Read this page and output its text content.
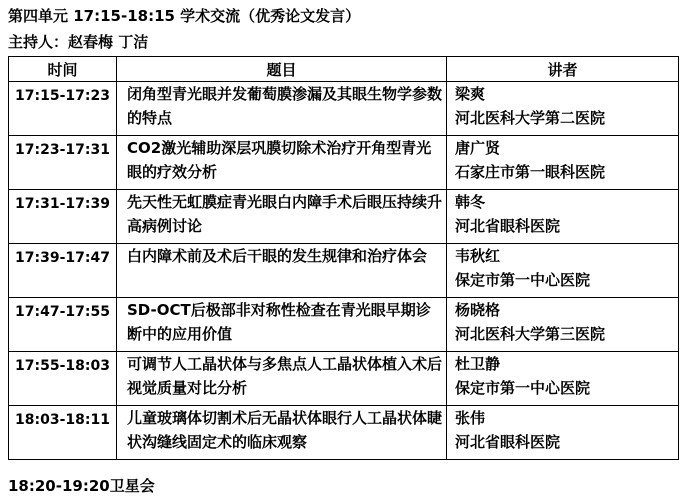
第四单元 17:15-18:15 学术交流（优秀论文发言）
主持人：赵春梅 丁洁
时间	题目	讲者
17:15-17:23	闭角型青光眼并发葡萄膜渗漏及其眼生物学参数的特点	梁爽
河北医科大学第二医院

17:23-17:31	CO2激光辅助深层巩膜切除术治疗开角型青光眼的疗效分析	唐广贤
石家庄市第一眼科医院

17:31-17:39	先天性无虹膜症青光眼白内障手术后眼压持续升高病例讨论	韩冬
河北省眼科医院

17:39-17:47	白内障术前及术后干眼的发生规律和治疗体会	韦秋红
保定市第一中心医院

17:47-17:55	SD-OCT后极部非对称性检查在青光眼早期诊断中的应用价值	杨晓格
河北医科大学第三医院

17:55-18:03	可调节人工晶状体与多焦点人工晶状体植入术后视觉质量对比分析	杜卫静
保定市第一中心医院

18:03-18:11	儿童玻璃体切割术后无晶状体眼行人工晶状体睫状沟缝线固定术的临床观察	张伟
河北省眼科医院
18:20-19:20卫星会
